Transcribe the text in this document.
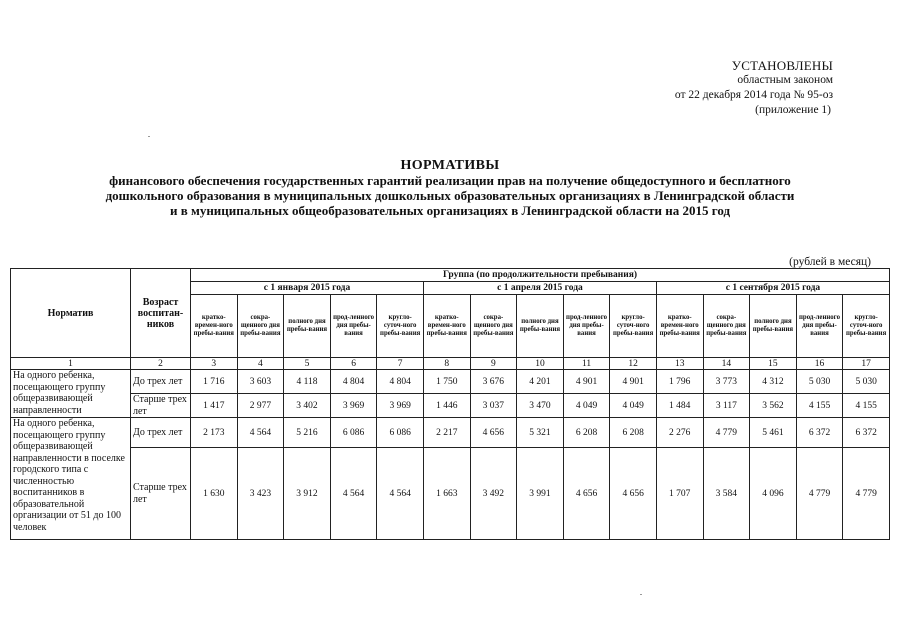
УСТАНОВЛЕНЫ
областным законом
от 22 декабря 2014 года № 95-оз
(приложение 1)
НОРМАТИВЫ
финансового обеспечения государственных гарантий реализации прав на получение общедоступного и бесплатного
дошкольного образования в муниципальных дошкольных образовательных организациях в Ленинградской области
и в муниципальных общеобразовательных организациях в Ленинградской области на 2015 год
(рублей в месяц)
Норматив	Возраст воспитан-ников	Группа (по продолжительности пребывания)														
		с 1 января 2015 года					с 1 апреля 2015 года					с 1 сентября 2015 года				
		кратко-времен-ного пребы-вания	сокра-щенного дня пребы-вания	полного дня пребы-вания	прод-ленного дня пребы-вания	кругло-суточ-ного пребы-вания	кратко-времен-ного пребы-вания	сокра-щенного дня пребы-вания	полного дня пребы-вания	прод-ленного дня пребы-вания	кругло-суточ-ного пребы-вания	кратко-времен-ного пребы-вания	сокра-щенного дня пребы-вания	полного дня пребы-вания	прод-ленного дня пребы-вания	кругло-суточ-ного пребы-вания
1	2	3	4	5	6	7	8	9	10	11	12	13	14	15	16	17
На одного ребенка, посещающего группу общеразвивающей направленности	До трех лет	1 716	3 603	4 118	4 804	4 804	1 750	3 676	4 201	4 901	4 901	1 796	3 773	4 312	5 030	5 030
	Старше трех лет	1 417	2 977	3 402	3 969	3 969	1 446	3 037	3 470	4 049	4 049	1 484	3 117	3 562	4 155	4 155
На одного ребенка, посещающего группу общеразвивающей направленности в поселке городского типа с численностью воспитанников в образовательной организации от 51 до 100 человек	До трех лет	2 173	4 564	5 216	6 086	6 086	2 217	4 656	5 321	6 208	6 208	2 276	4 779	5 461	6 372	6 372
	Старше трех лет	1 630	3 423	3 912	4 564	4 564	1 663	3 492	3 991	4 656	4 656	1 707	3 584	4 096	4 779	4 779
